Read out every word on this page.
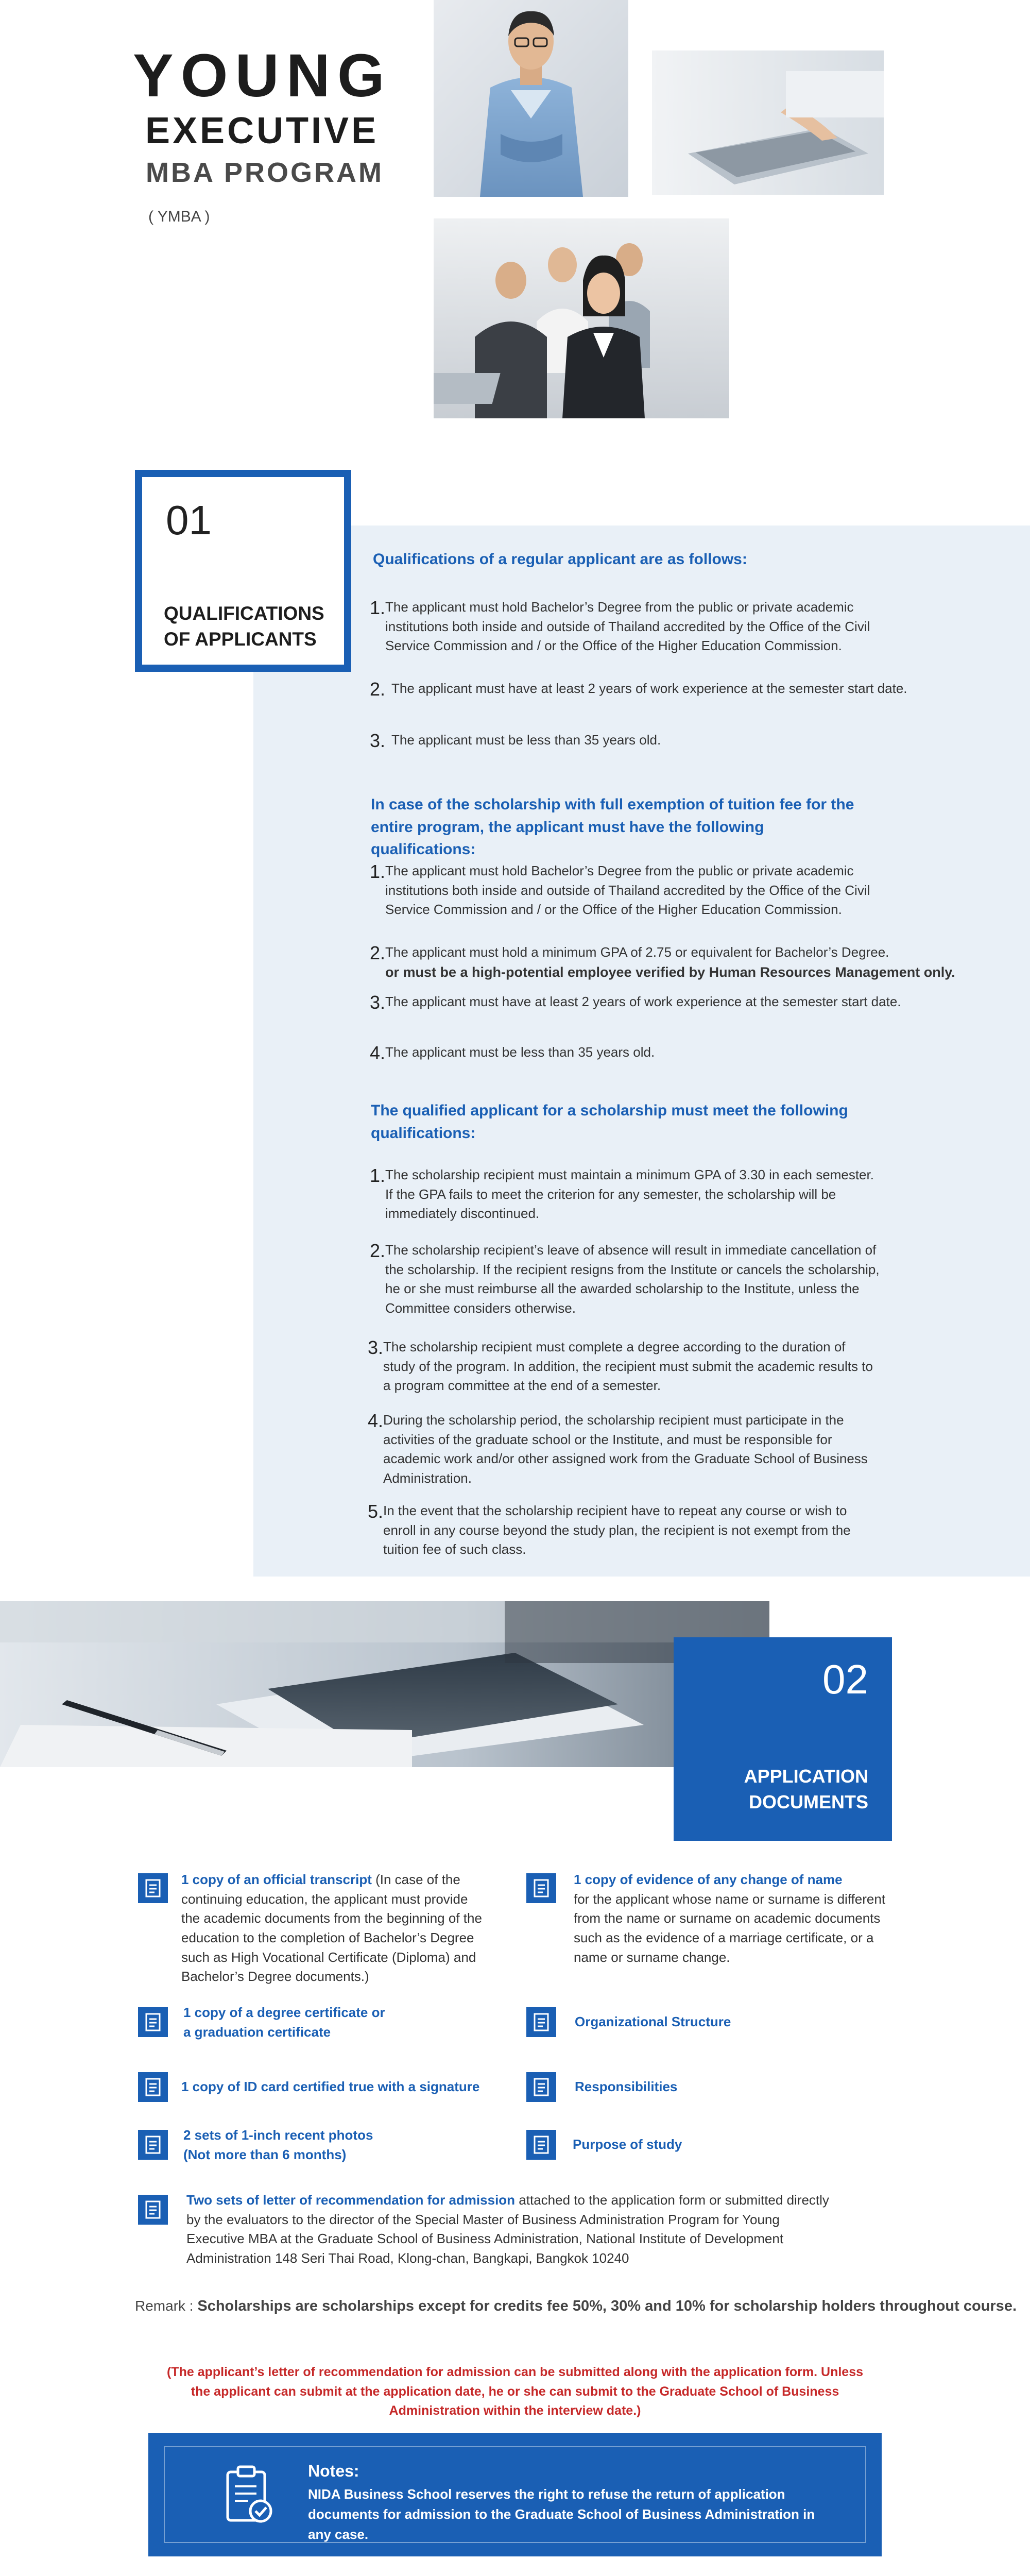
YOUNG
EXECUTIVE
MBA PROGRAM
( YMBA )
01
QUALIFICATIONS OF APPLICANTS
Qualifications of a regular applicant are as follows:
1. The applicant must hold Bachelor’s Degree from the public or private academic institutions both inside and outside of Thailand accredited by the Office of the Civil Service Commission and / or the Office of the Higher Education Commission.
2. The applicant must have at least 2 years of work experience at the semester start date.
3. The applicant must be less than 35 years old.
In case of the scholarship with full exemption of tuition fee for the entire program, the applicant must have the following qualifications:
1. The applicant must hold Bachelor’s Degree from the public or private academic institutions both inside and outside of Thailand accredited by the Office of the Civil Service Commission and / or the Office of the Higher Education Commission.
2. The applicant must hold a minimum GPA of 2.75 or equivalent for Bachelor’s Degree.
or must be a high-potential employee verified by Human Resources Management only.
3. The applicant must have at least 2 years of work experience at the semester start date.
4. The applicant must be less than 35 years old.
The qualified applicant for a scholarship must meet the following qualifications:
1. The scholarship recipient must maintain a minimum GPA of 3.30 in each semester. If the GPA fails to meet the criterion for any semester, the scholarship will be immediately discontinued.
2. The scholarship recipient’s leave of absence will result in immediate cancellation of the scholarship. If the recipient resigns from the Institute or cancels the scholarship, he or she must reimburse all the awarded scholarship to the Institute, unless the Committee considers otherwise.
3. The scholarship recipient must complete a degree according to the duration of study of the program. In addition, the recipient must submit the academic results to a program committee at the end of a semester.
4. During the scholarship period, the scholarship recipient must participate in the activities of the graduate school or the Institute, and must be responsible for academic work and/or other assigned work from the Graduate School of Business Administration.
5. In the event that the scholarship recipient have to repeat any course or wish to enroll in any course beyond the study plan, the recipient is not exempt from the tuition fee of such class.
02
APPLICATION
DOCUMENTS
1 copy of an official transcript (In case of the continuing education, the applicant must provide the academic documents from the beginning of the education to the completion of Bachelor’s Degree such as High Vocational Certificate (Diploma) and Bachelor’s Degree documents.)
1 copy of evidence of any change of name
for the applicant whose name or surname is different from the name or surname on academic documents such as the evidence of a marriage certificate, or a name or surname change.
1 copy of a degree certificate or
a graduation certificate
Organizational Structure
1 copy of ID card certified true with a signature	Responsibilities
2 sets of 1-inch recent photos
(Not more than 6 months)
Purpose of study
Two sets of letter of recommendation for admission attached to the application form or submitted directly by the evaluators to the director of the Special Master of Business Administration Program for Young Executive MBA at the Graduate School of Business Administration, National Institute of Development Administration 148 Seri Thai Road, Klong-chan, Bangkapi, Bangkok 10240
Remark : Scholarships are scholarships except for credits fee 50%, 30% and 10% for scholarship holders throughout course.
(The applicant’s letter of recommendation for admission can be submitted along with the application form. Unless the applicant can submit at the application date, he or she can submit to the Graduate School of Business Administration within the interview date.)
Notes:
NIDA Business School reserves the right to refuse the return of application documents for admission to the Graduate School of Business Administration in any case.
